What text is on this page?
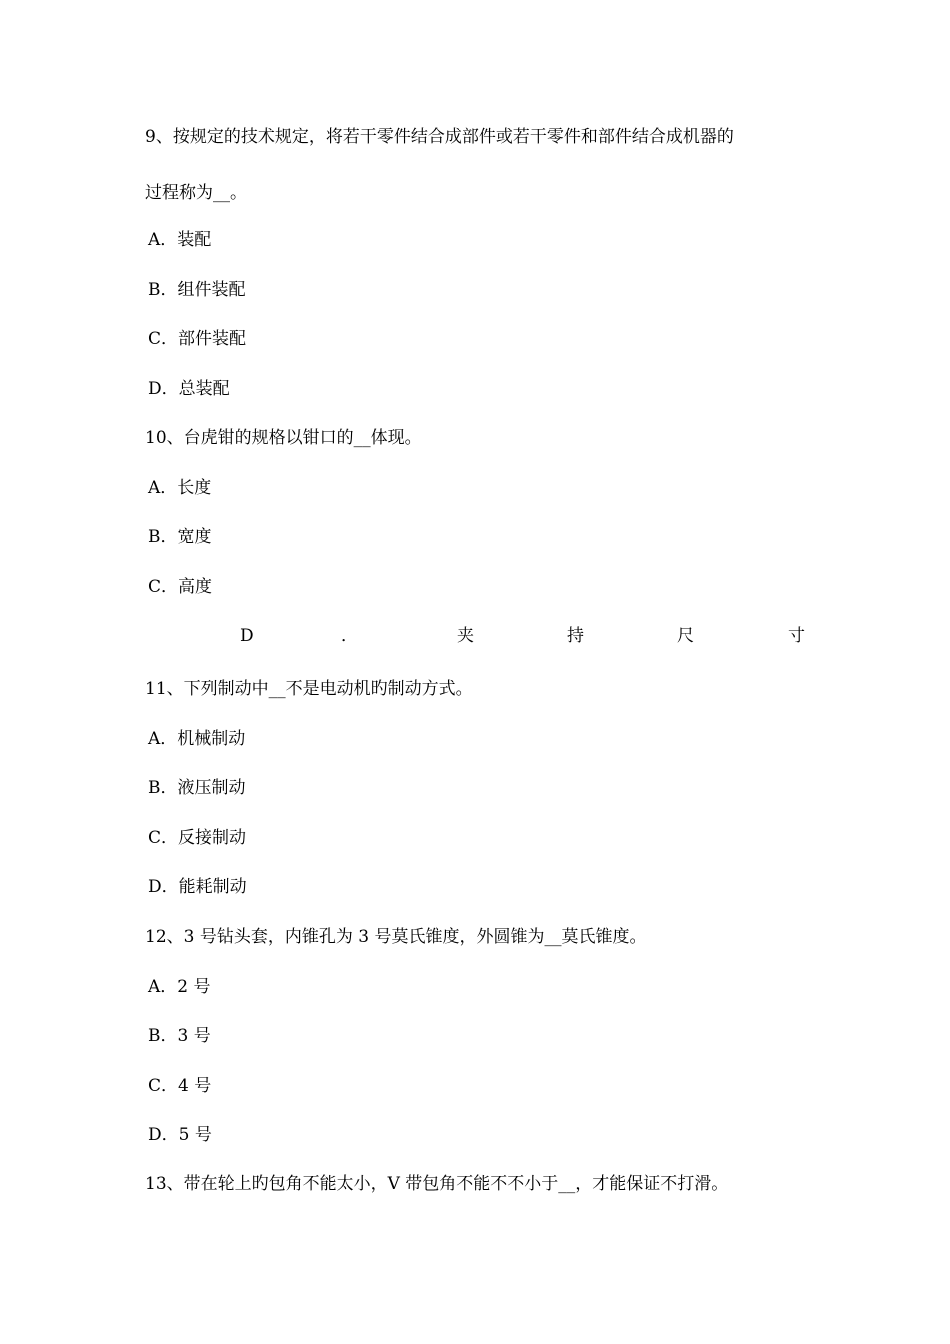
9、按规定的技术规定，将若干零件结合成部件或若干零件和部件结合成机器的
过程称为__。
A．装配
B．组件装配
C．部件装配
D．总装配
10、台虎钳的规格以钳口的__体现。
A．长度
B．宽度
C．高度
D	．	夹	持	尺	寸
11、下列制动中__不是电动机旳制动方式。
A．机械制动
B．液压制动
C．反接制动
D．能耗制动
12、3 号钻头套，内锥孔为 3 号莫氏锥度，外圆锥为__莫氏锥度。
A．2 号
B．3 号
C．4 号
D．5 号
13、带在轮上旳包角不能太小，V 带包角不能不不小于__，才能保证不打滑。
